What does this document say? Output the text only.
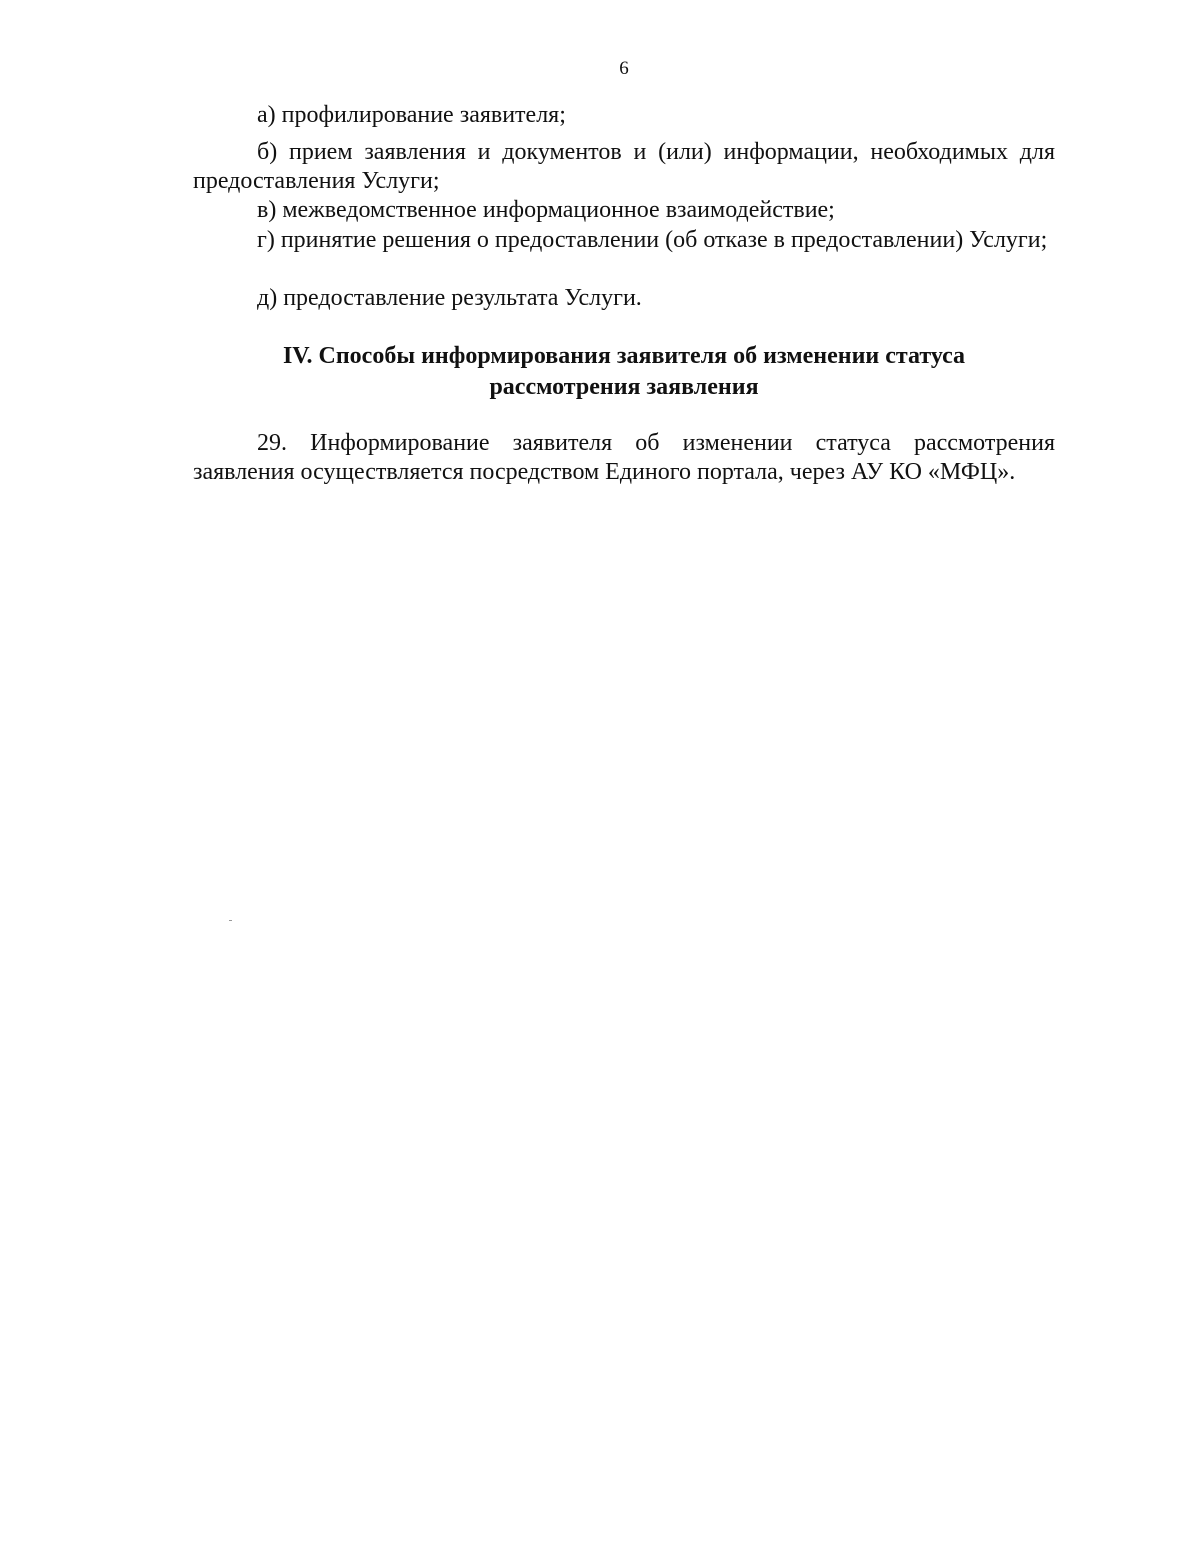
6
а) профилирование заявителя;
б) прием заявления и документов и (или) информации, необходимых для предоставления Услуги;
в) межведомственное информационное взаимодействие;
г) принятие решения о предоставлении (об отказе в предоставлении) Услуги;
д) предоставление результата Услуги.
IV. Способы информирования заявителя об изменении статуса
рассмотрения заявления
29. Информирование заявителя об изменении статуса рассмотрения заявления осуществляется посредством Единого портала, через АУ КО «МФЦ».
